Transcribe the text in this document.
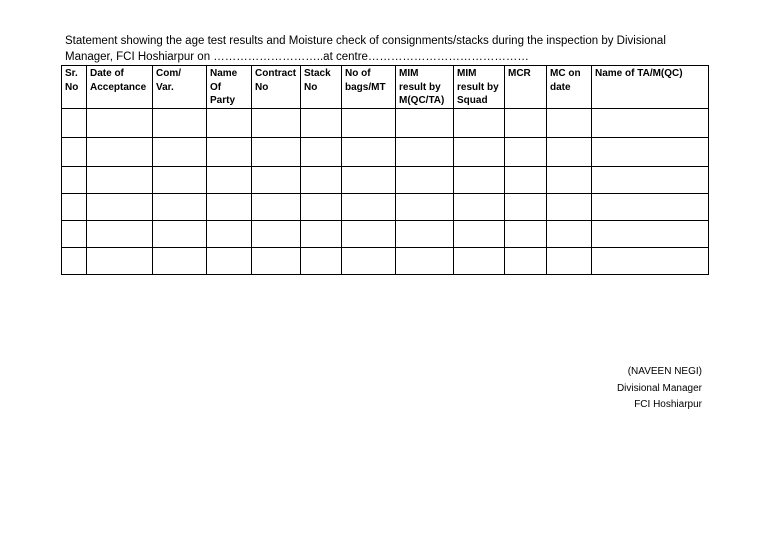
Statement showing the age test results and Moisture check of consignments/stacks during the inspection by Divisional
Manager, FCI Hoshiarpur on ………………………..at centre……………………………………
Sr.
No	Date of
Acceptance	Com/
Var.	Name
Of
Party	Contract
No	Stack
No	No of
bags/MT	MIM
result by
M(QC/TA)	MIM
result by
Squad	MCR	MC on
date	Name of TA/M(QC)

(NAVEEN NEGI)
Divisional Manager
FCI Hoshiarpur
